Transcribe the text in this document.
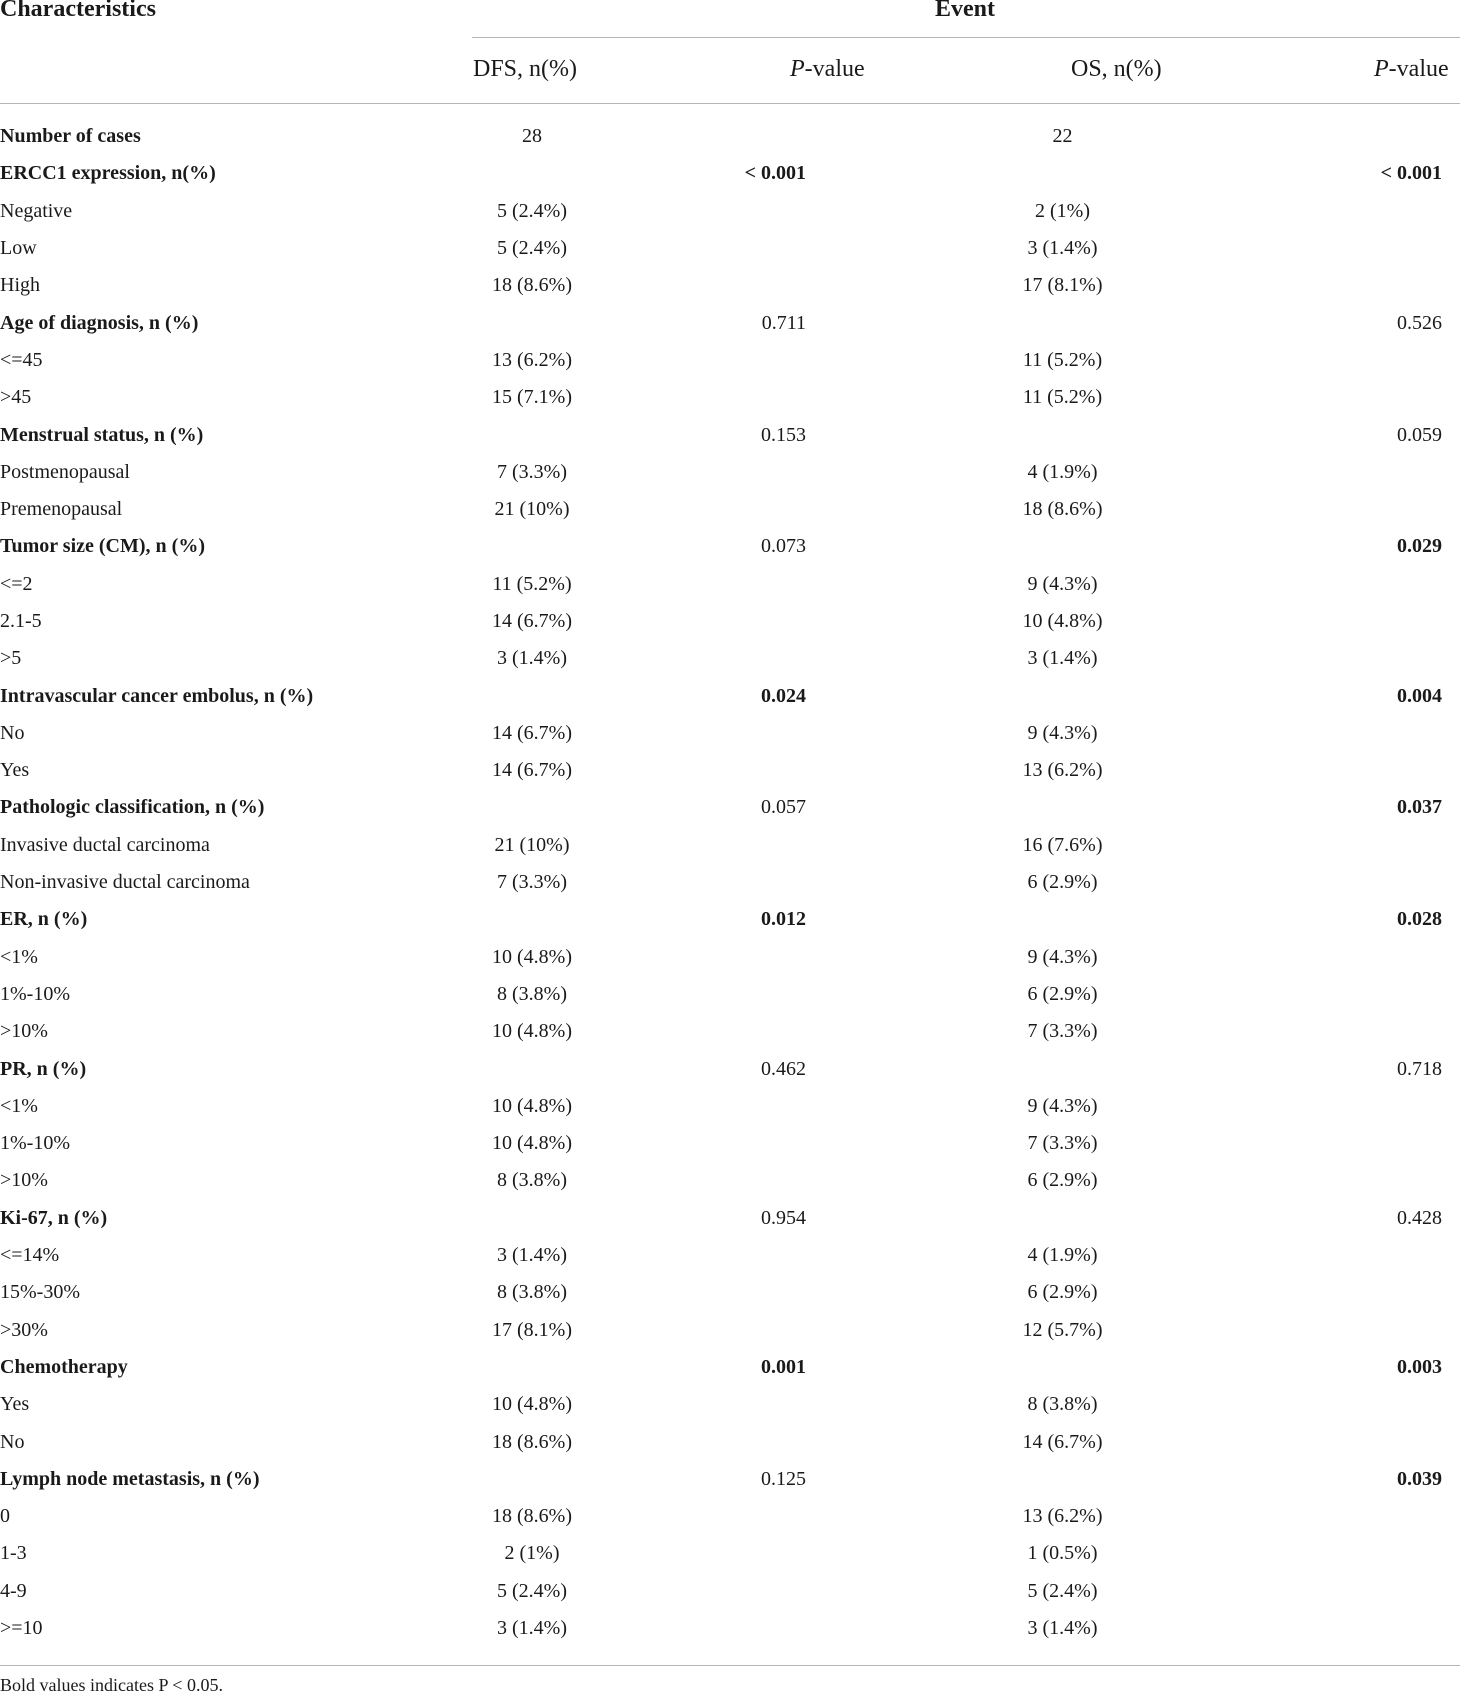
Characteristics	Event
DFS, n(%)	P-value	OS, n(%)	P-value
Number of cases	28		22	
ERCC1 expression, n(%)		< 0.001		< 0.001
Negative	5 (2.4%)		2 (1%)	
Low	5 (2.4%)		3 (1.4%)	
High	18 (8.6%)		17 (8.1%)	
Age of diagnosis, n (%)		0.711		0.526
<=45	13 (6.2%)		11 (5.2%)	
>45	15 (7.1%)		11 (5.2%)	
Menstrual status, n (%)		0.153		0.059
Postmenopausal	7 (3.3%)		4 (1.9%)	
Premenopausal	21 (10%)		18 (8.6%)	
Tumor size (CM), n (%)		0.073		0.029
<=2	11 (5.2%)		9 (4.3%)	
2.1-5	14 (6.7%)		10 (4.8%)	
>5	3 (1.4%)		3 (1.4%)	
Intravascular cancer embolus, n (%)		0.024		0.004
No	14 (6.7%)		9 (4.3%)	
Yes	14 (6.7%)		13 (6.2%)	
Pathologic classification, n (%)		0.057		0.037
Invasive ductal carcinoma	21 (10%)		16 (7.6%)	
Non-invasive ductal carcinoma	7 (3.3%)		6 (2.9%)	
ER, n (%)		0.012		0.028
<1%	10 (4.8%)		9 (4.3%)	
1%-10%	8 (3.8%)		6 (2.9%)	
>10%	10 (4.8%)		7 (3.3%)	
PR, n (%)		0.462		0.718
<1%	10 (4.8%)		9 (4.3%)	
1%-10%	10 (4.8%)		7 (3.3%)	
>10%	8 (3.8%)		6 (2.9%)	
Ki-67, n (%)		0.954		0.428
<=14%	3 (1.4%)		4 (1.9%)	
15%-30%	8 (3.8%)		6 (2.9%)	
>30%	17 (8.1%)		12 (5.7%)	
Chemotherapy		0.001		0.003
Yes	10 (4.8%)		8 (3.8%)	
No	18 (8.6%)		14 (6.7%)	
Lymph node metastasis, n (%)		0.125		0.039
0	18 (8.6%)		13 (6.2%)	
1-3	2 (1%)		1 (0.5%)	
4-9	5 (2.4%)		5 (2.4%)	
>=10	3 (1.4%)		3 (1.4%)	
Bold values indicates P < 0.05.
